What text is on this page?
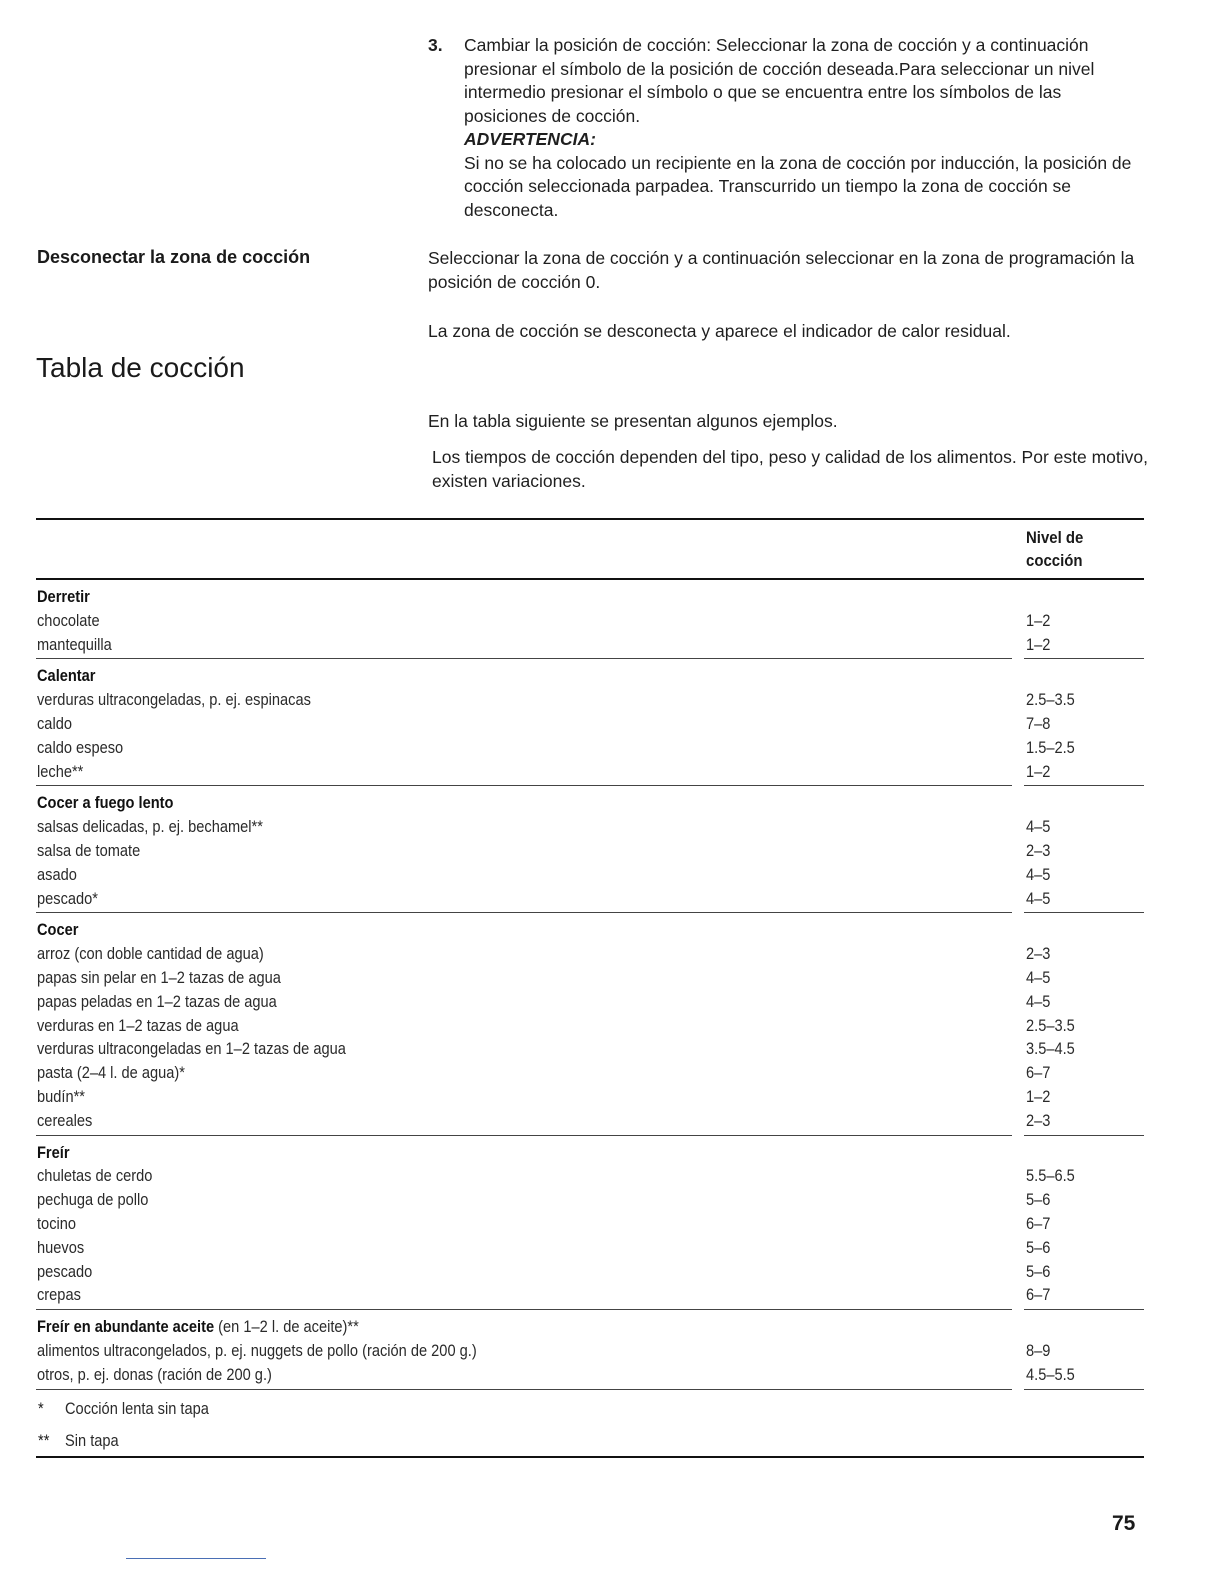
3. Cambiar la posición de cocción: Seleccionar la zona de cocción y a continuación presionar el símbolo de la posición de cocción deseada.Para seleccionar un nivel intermedio presionar el símbolo o que se encuentra entre los símbolos de las posiciones de cocción.
ADVERTENCIA:
Si no se ha colocado un recipiente en la zona de cocción por inducción, la posición de cocción seleccionada parpadea. Transcurrido un tiempo la zona de cocción se desconecta.
Desconectar la zona de cocción	Seleccionar la zona de cocción y a continuación seleccionar en la zona de programación la posición de cocción 0.
La zona de cocción se desconecta y aparece el indicador de calor residual.
Tabla de cocción
En la tabla siguiente se presentan algunos ejemplos.
Los tiempos de cocción dependen del tipo, peso y calidad de los alimentos. Por este motivo, existen variaciones.
Nivel de cocción
Derretir
chocolate	1–2
mantequilla	1–2
Calentar
verduras ultracongeladas, p. ej. espinacas	2.5–3.5
caldo	7–8
caldo espeso	1.5–2.5
leche**	1–2
Cocer a fuego lento
salsas delicadas, p. ej. bechamel**	4–5
salsa de tomate	2–3
asado	4–5
pescado*	4–5
Cocer
arroz (con doble cantidad de agua)	2–3
papas sin pelar en 1–2 tazas de agua	4–5
papas peladas en 1–2 tazas de agua	4–5
verduras en 1–2 tazas de agua	2.5–3.5
verduras ultracongeladas en 1–2 tazas de agua	3.5–4.5
pasta (2–4 l. de agua)*	6–7
budín**	1–2
cereales	2–3
Freír
chuletas de cerdo	5.5–6.5
pechuga de pollo	5–6
tocino	6–7
huevos	5–6
pescado	5–6
crepas	6–7
Freír en abundante aceite (en 1–2 l. de aceite)**
alimentos ultracongelados, p. ej. nuggets de pollo (ración de 200 g.)	8–9
otros, p. ej. donas (ración de 200 g.)	4.5–5.5
* Cocción lenta sin tapa
** Sin tapa
75
